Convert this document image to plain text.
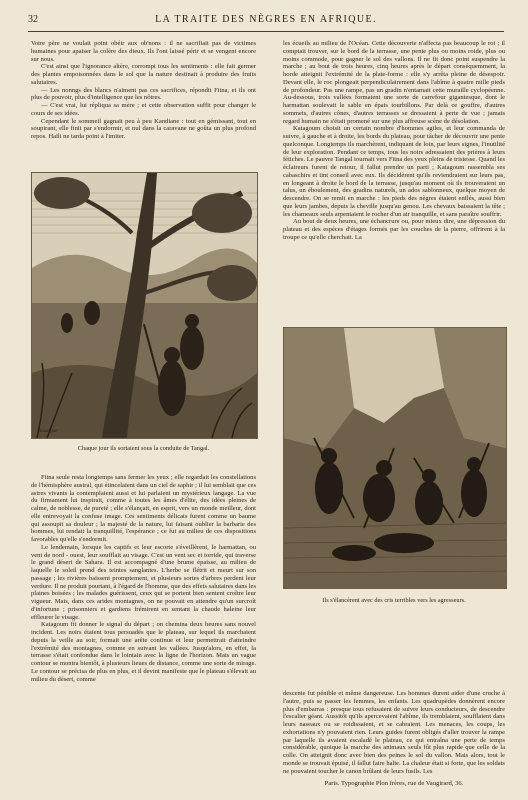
32	LA TRAITE DES NÈGRES EN AFRIQUE.

Votre père ne voulait point obéir aux ob'nons : il ne sacrifiait pas de victimes humaines pour apaiser la colère des dieux. Ils l'ont laissé périr et se vengent encore sur nous.

C'est ainsi que l'ignorance altère, corrompt tous les sentiments : elle fait germer des plantes empoisonnées dans le sol que la nature destinait à produire des fruits salutaires.

— Les nonngs des blancs n'aiment pas ces sacrifices, répondit Fitna, et ils ont plus de pouvoir, plus d'intelligence que les nôtres.

— C'est vrai, lui répliqua sa mère ; et cette observation suffit pour changer le cours de ses idées.

Cependant le sommeil gagnait peu à peu Kandiane : tout en gémissant, tout en soupirant, elle finit par s'endormir, et nul dans la caravane ne goûta un plus profond repos. Haïli ne tarda point à l'imiter.

Rouargue
Chaque jour ils sortaient sous la conduite de Tangal.

Fitna seule resta longtemps sans fermer les yeux ; elle regardait les constellations de l'hémisphère austral, qui étincelaient dans un ciel de saphir ; il lui semblait que ces astres vivants la contemplaient aussi et lui parlaient un mystérieux langage. La vue du firmament lui inspirait, comme à toutes les âmes d'élite, des idées pleines de calme, de noblesse, de pureté ; elle s'élançait, en esprit, vers un monde meilleur, dont elle entrevoyait la confuse image. Ces sentiments délicats furent comme un baume qui assoupit sa douleur ; la majesté de la nature, lui faisant oublier la barbarie des hommes, lui rendait la tranquillité, l'espérance ; ce fut au milieu de ces dispositions favorables qu'elle s'endormit.

Le lendemain, lorsque les captifs et leur escorte s'éveillèrent, le harmattan, ou vent de nord - ouest, leur soufflait au visage. C'est un vent sec et torride, qui traverse le grand désert de Sahara. Il est accompagné d'une brume épaisse, au milieu de laquelle le soleil prend des teintes sanglantes. L'herbe se flétrit et meurt sur son passage ; les rivières baissent promptement, et plusieurs sortes d'arbres perdent leur verdure. Il ne produit pourtant, à l'égard de l'homme, que des effets salutaires dans les plaines boisées ; les malades guérissent, ceux qui se portent bien sentent croître leur vigueur. Mais, dans ces arides montagnes, on ne pouvait en attendre qu'un surcroît d'infortune ; prisonniers et gardiens frémirent en sentant la chaude haleine leur effleurer le visage.

Katagoum fit donner le signal du départ ; on chemina deux heures sans nouvel incident. Les noirs étaient tous persuadés que le plateau, sur lequel ils marchaient depuis la veille au soir, formait une arête continue et leur permettrait d'atteindre l'extrémité des montagnes, comme en suivant les vallées. Jusqu'alors, en effet, la terrasse s'était confondue dans le lointain avec la ligne de l'horizon. Mais un vague contour se montra bientôt, à plusieurs lieues de distance, comme une sorte de mirage. Le contour se précisa de plus en plus, et il devint manifeste que le plateau s'élevait au milieu du désert, comme

les écueils au milieu de l'Océan. Cette découverte n'affecta pas beaucoup le roi ; il comptait trouver, sur le bord de la terrasse, une pente plus ou moins roide, plus ou moins commode, pour gagner le sol des vallons. Il ne fit donc point suspendre la marche ; au bout de trois heures, cinq heures après le départ conséquemment, la horde atteignit l'extrémité de la plate-forme : elle s'y arrêta pleine de désespoir. Devant elle, le roc plongeait perpendiculairement dans l'abîme à quatre mille pieds de profondeur. Pas une rampe, pas un gradin n'entamait cette muraille cyclopéenne. Au-dessous, trois vallées formaient une sorte de carrefour gigantesque, dont le harmattan soulevait le sable en épais tourbillons. Par delà ce gouffre, d'autres sommets, d'autres cônes, d'autres terrasses se dressaient à perte de vue ; jamais regard humain ne s'était promené sur une plus affreuse scène de désolation.

Katagoum choisit un certain nombre d'hommes agiles, et leur commanda de suivre, à gauche et à droite, les bords du plateau, pour tâcher de découvrir une pente quelconque. Longtemps ils marchèrent, indiquant de loin, par leurs signes, l'inutilité de leur exploration. Pendant ce temps, tous les noirs adressaient des prières à leurs fétiches. Le pauvre Tangal tournait vers Fitna des yeux pleins de tristesse. Quand les éclaireurs furent de retour, il fallut prendre un parti ; Katagoum rassembla ses cabaschirs et tint conseil avec eux. Ils décidèrent qu'ils reviendraient sur leurs pas, en longeant à droite le bord de la terrasse, jusqu'au moment où ils trouveraient un talus, un éboulement, des gradins naturels, un ados sablonneux, quelque moyen de descendre. On se remit en marche : les pieds des nègres étaient enflés, aussi bien que leurs jambes, depuis la cheville jusqu'au genou. Les chevaux baissaient la tête ; les chameaux seuls arpentaient le rocher d'un air tranquille, et sans paraître souffrir.

Au bout de deux heures, une échancrure ou, pour mieux dire, une dépression du plateau et des espèces d'étages formés par les couches de la pierre, offrirent à la troupe ce qu'elle cherchait. La

Ils s'élancèrent avec des cris terribles vers les agresseurs.

descente fut pénible et même dangereuse. Les hommes durent aider d'une cruche à l'autre, puis se passer les femmes, les enfants. Les quadrupèdes donnèrent encore plus d'embarras : presque tous refusaient de suivre leurs conducteurs, de descendre l'escalier géant. Aussitôt qu'ils apercevaient l'abîme, ils tremblaient, soufflaient dans leurs naseaux ou se roidissaient, et se cabraient. Les menaces, les coups, les exhortations n'y pouvaient rien. Leurs guides furent obligés d'aller trouver la rampe par laquelle ils avaient escaladé le plateau, ce qui entraîna une perte de temps considérable, quoique la marche des animaux seuls fût plus rapide que celle de la colle. On atteignit donc avec bien des peines le sol du vallon. Mais alors, tout le monde se trouvait épuisé, il fallut faire halte. La chaleur était si forte, que les soldats ne pouvaient toucher le canon brûlant de leurs fusils. Les

Paris. Typographie Plon frères, rue de Vaugirard, 36.
